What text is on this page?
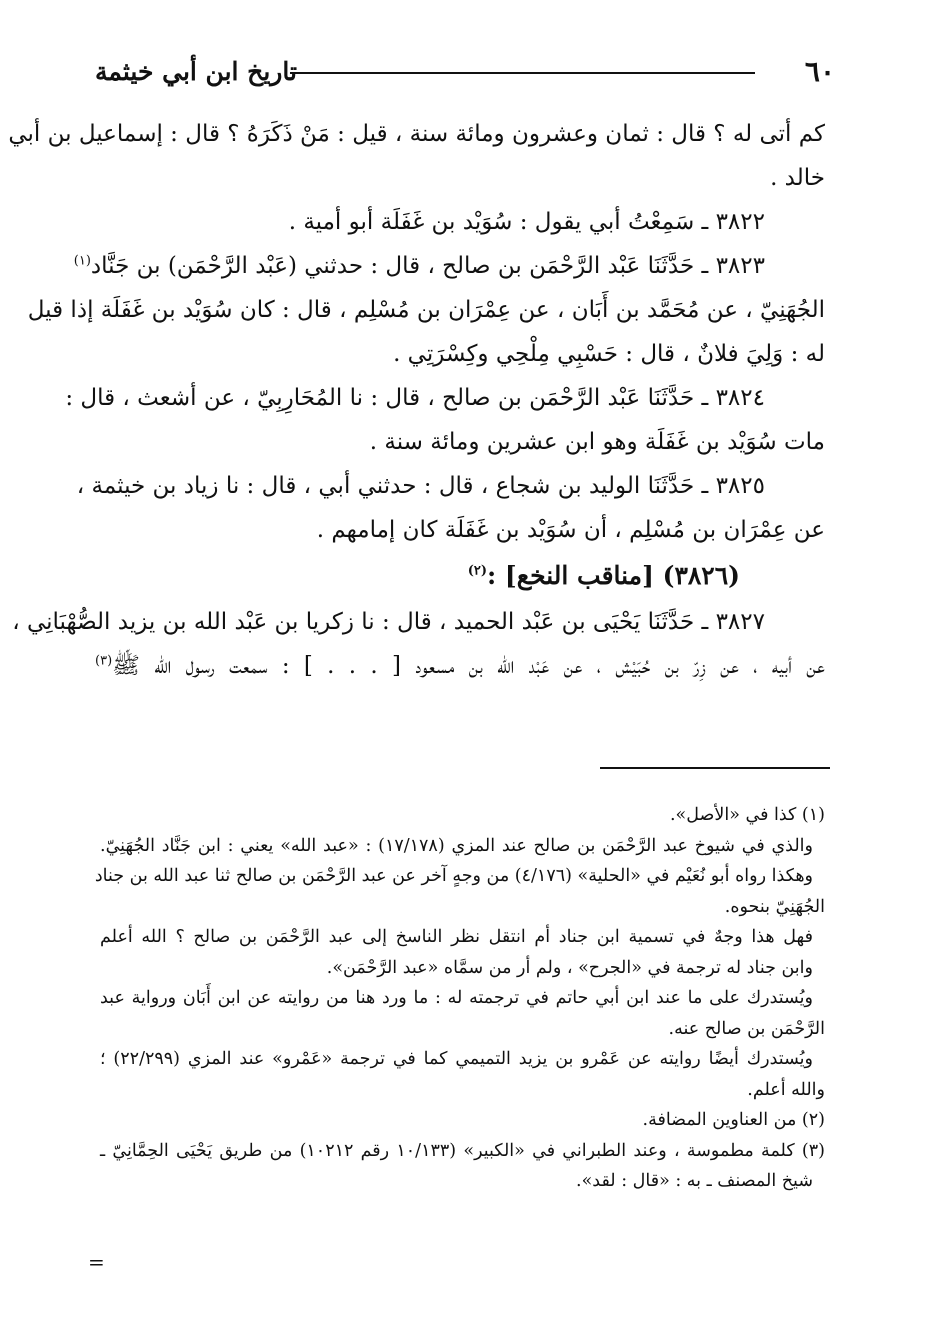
٦٠
تاريخ ابن أبي خيثمة
كم أتى له ؟ قال : ثمان وعشرون ومائة سنة ، قيل : مَنْ ذَكَرَهُ ؟ قال : إسماعيل بن أبي
خالد .
٣٨٢٢ ـ سَمِعْتُ أبي يقول : سُوَيْد بن غَفَلَة أبو أمية .
٣٨٢٣ ـ حَدَّثَنَا عَبْد الرَّحْمَن بن صالح ، قال : حدثني (عَبْد الرَّحْمَن) بن جَنَّاد$^{(١)}$
الجُهَنِيّ ، عن مُحَمَّد بن أَبَان ، عن عِمْرَان بن مُسْلِم ، قال : كان سُوَيْد بن غَفَلَة إذا قيل
له : وَلِيَ فلانٌ ، قال : حَسْبِي مِلْحِي وكِسْرَتِي .
٣٨٢٤ ـ حَدَّثَنَا عَبْد الرَّحْمَن بن صالح ، قال : نا المُحَارِبِيّ ، عن أشعث ، قال :
مات سُوَيْد بن غَفَلَة وهو ابن عشرين ومائة سنة .
٣٨٢٥ ـ حَدَّثَنَا الوليد بن شجاع ، قال : حدثني أبي ، قال : نا زياد بن خيثمة ،
عن عِمْرَان بن مُسْلِم ، أن سُوَيْد بن غَفَلَة كان إمامهم .
(٣٨٢٦) [مناقب النخع] :$^{(٢)}$
٣٨٢٧ ـ حَدَّثَنَا يَحْيَى بن عَبْد الحميد ، قال : نا زكريا بن عَبْد الله بن يزيد الصُّهْبَانِي ،
عن أبيه ، عن زِرّ بن حُبَيْش ، عن عَبْد الله بن مسعود [ . . . ] : سمعت رسول الله ﷺ$^{(٣)}$
(١) كذا في «الأصل».
والذي في شيوخ عبد الرَّحْمَن بن صالح عند المزي (١٧/١٧٨) : «عبد الله» يعني : ابن جَنَّاد الجُهَنِيّ.
وهكذا رواه أبو نُعَيْم في «الحلية» (٤/١٧٦) من وجهٍ آخر عن عبد الرَّحْمَن بن صالح ثنا عبد الله بن جناد
الجُهَنِيّ بنحوه.
فهل هذا وجهٌ في تسمية ابن جناد أم انتقل نظر الناسخ إلى عبد الرَّحْمَن بن صالح ؟ الله أعلم
وابن جناد له ترجمة في «الجرح» ، ولم أر من سمَّاه «عبد الرَّحْمَن».
ويُستدرك على ما عند ابن أبي حاتم في ترجمته له : ما ورد هنا من روايته عن ابن أَبَان ورواية عبد
الرَّحْمَن بن صالح عنه.
ويُستدرك أيضًا روايته عن عَمْرو بن يزيد التميمي كما في ترجمة «عَمْرو» عند المزي (٢٢/٢٩٩) ؛
والله أعلم.
(٢) من العناوين المضافة.
(٣) كلمة مطموسة ، وعند الطبراني في «الكبير» (١٠/١٣٣ رقم ١٠٢١٢) من طريق يَحْيَى الحِمَّانِيّ ـ
شيخ المصنف ـ به : «قال : لقد».
=
